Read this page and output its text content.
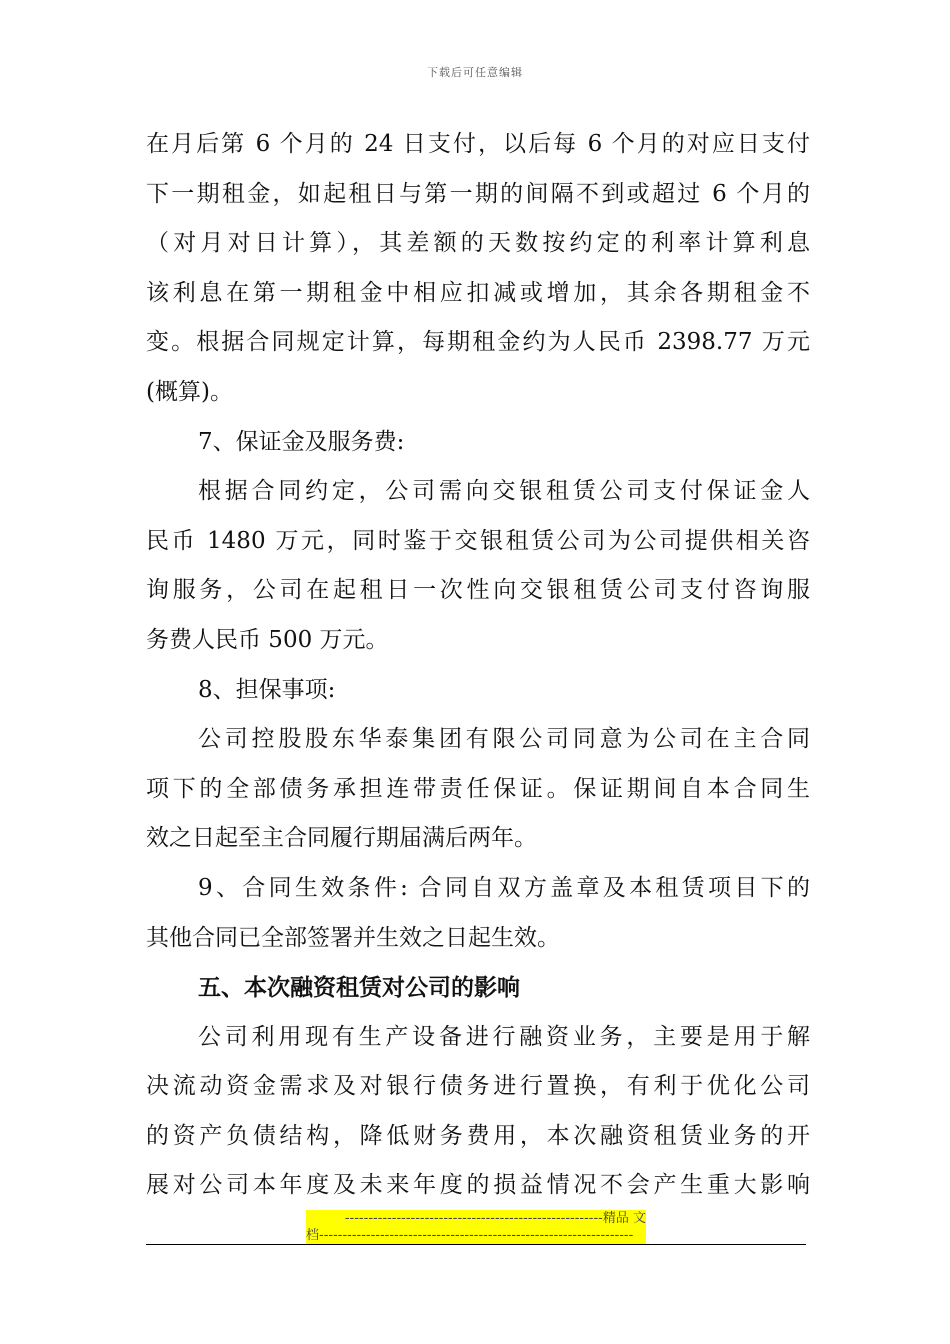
下载后可任意编辑
在月后第 6 个月的 24 日支付，以后每 6 个月的对应日支付
下一期租金，如起租日与第一期的间隔不到或超过 6 个月的
（对月对日计算），其差额的天数按约定的利率计算利息
该利息在第一期租金中相应扣减或增加，其余各期租金不
变。根据合同规定计算，每期租金约为人民币 2398.77 万元
(概算)。
7、保证金及服务费:
根据合同约定，公司需向交银租赁公司支付保证金人
民币 1480 万元，同时鉴于交银租赁公司为公司提供相关咨
询服务，公司在起租日一次性向交银租赁公司支付咨询服
务费人民币 500 万元。
8、担保事项:
公司控股股东华泰集团有限公司同意为公司在主合同
项下的全部债务承担连带责任保证。保证期间自本合同生
效之日起至主合同履行期届满后两年。
9、合同生效条件: 合同自双方盖章及本租赁项目下的
其他合同已全部签署并生效之日起生效。
五、本次融资租赁对公司的影响
公司利用现有生产设备进行融资业务，主要是用于解
决流动资金需求及对银行债务进行置换，有利于优化公司
的资产负债结构，降低财务费用，本次融资租赁业务的开
展对公司本年度及未来年度的损益情况不会产生重大影响
-------------------------------------------------------精品 文
档-------------------------------------------------------------------
